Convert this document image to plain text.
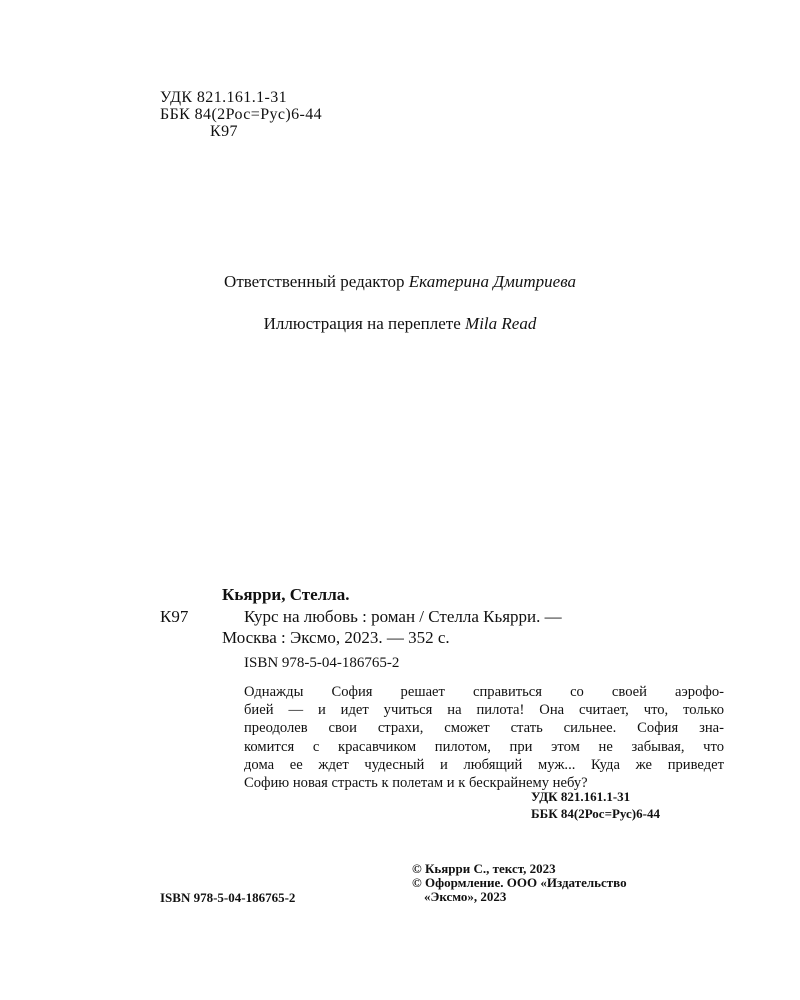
УДК 821.161.1-31
ББК 84(2Рос=Рус)6-44
К97
Ответственный редактор Екатерина Дмитриева
Иллюстрация на переплете Mila Read
Кьярри, Стелла.
К97	Курс на любовь : роман / Стелла Кьярри. —
Москва : Эксмо, 2023. — 352 с.
ISBN 978-5-04-186765-2
Однажды София решает справиться со своей аэрофо-
бией — и идет учиться на пилота! Она считает, что, только
преодолев свои страхи, сможет стать сильнее. София зна-
комится с красавчиком пилотом, при этом не забывая, что
дома ее ждет чудесный и любящий муж... Куда же приведет
Софию новая страсть к полетам и к бескрайнему небу?
УДК 821.161.1-31
ББК 84(2Рос=Рус)6-44
ISBN 978-5-04-186765-2
© Кьярри С., текст, 2023
© Оформление. ООО «Издательство
«Эксмо», 2023
